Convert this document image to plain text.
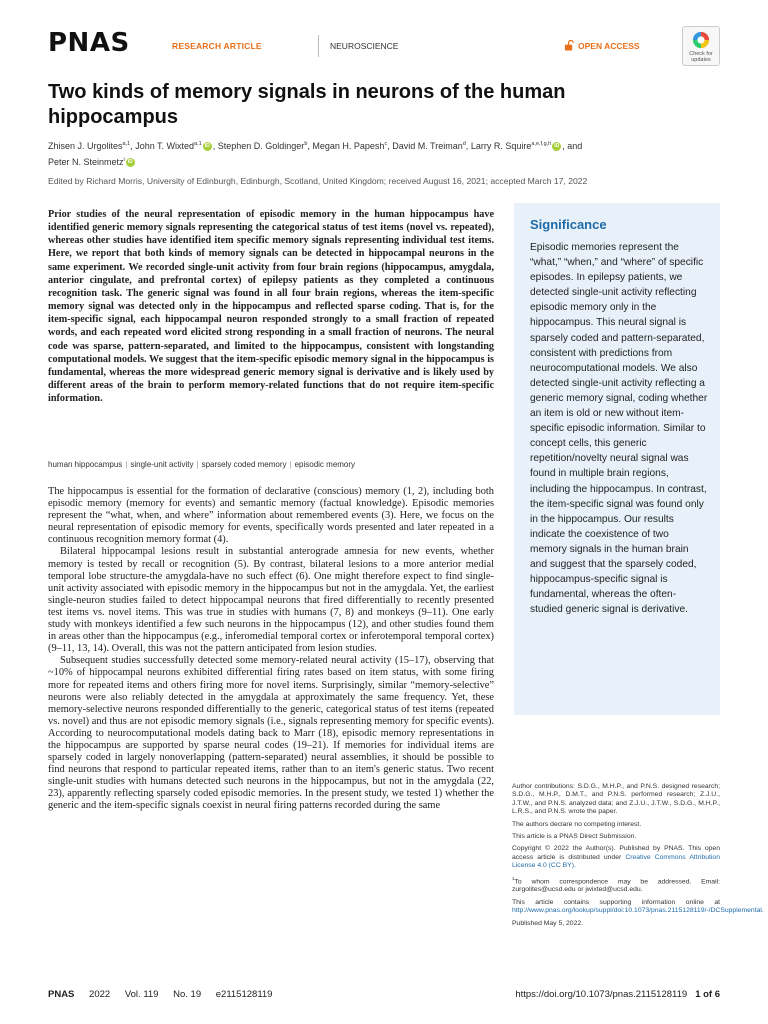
PNAS	RESEARCH ARTICLE	NEUROSCIENCE	OPEN ACCESS
Check for updates
Two kinds of memory signals in neurons of the human hippocampus
Zhisen J. Urgolites$^{a,1}$, John T. Wixted$^{a,1}$ iD , Stephen D. Goldinger$^b$, Megan H. Papesh$^c$, David M. Treiman$^d$, Larry R. Squire$^{a,e,f,g,h}$ iD , and
Peter N. Steinmetz$^i$ iD
Edited by Richard Morris, University of Edinburgh, Edinburgh, Scotland, United Kingdom; received August 16, 2021; accepted March 17, 2022
Prior studies of the neural representation of episodic memory in the human hippocampus have identified generic memory signals representing the categorical status of test items (novel vs. repeated), whereas other studies have identified item specific memory signals representing individual test items. Here, we report that both kinds of memory signals can be detected in hippocampal neurons in the same experiment. We recorded single-unit activity from four brain regions (hippocampus, amygdala, anterior cingulate, and prefrontal cortex) of epilepsy patients as they completed a continuous recognition task. The generic signal was found in all four brain regions, whereas the item-specific memory signal was detected only in the hippocampus and reflected sparse coding. That is, for the item-specific signal, each hippocampal neuron responded strongly to a small fraction of repeated words, and each repeated word elicited strong responding in a small fraction of neurons. The neural code was sparse, pattern-separated, and limited to the hippocampus, consistent with longstanding computational models. We suggest that the item-specific episodic memory signal in the hippocampus is fundamental, whereas the more widespread generic memory signal is derivative and is likely used by different areas of the brain to perform memory-related functions that do not require item-specific information.
human hippocampus | single-unit activity | sparsely coded memory | episodic memory

The hippocampus is essential for the formation of declarative (conscious) memory (1, 2), including both episodic memory (memory for events) and semantic memory (factual knowledge). Episodic memories represent the “what, when, and where” information about remembered events (3). Here, we focus on the neural representation of episodic memory for events, specifically words presented and later repeated in a continuous recognition memory format (4).

Bilateral hippocampal lesions result in substantial anterograde amnesia for new events, whether memory is tested by recall or recognition (5). By contrast, bilateral lesions to a more anterior medial temporal lobe structure-the amygdala-have no such effect (6). One might therefore expect to find single-unit activity associated with episodic memory in the hippocampus but not in the amygdala. Yet, the earliest single-neuron studies failed to detect hippocampal neurons that fired differentially to recently presented test items vs. novel items. This was true in studies with humans (7, 8) and monkeys (9–11). One early study with monkeys identified a few such neurons in the hippocampus (12), and other studies found them in areas other than the hippocampus (e.g., inferomedial temporal cortex or inferotemporal temporal cortex) (9–11, 13, 14). Overall, this was not the pattern anticipated from lesion studies.

Subsequent studies successfully detected some memory-related neural activity (15–17), observing that ~10% of hippocampal neurons exhibited differential firing rates based on item status, with some firing more for repeated items and others firing more for novel items. Surprisingly, similar “memory-selective” neurons were also reliably detected in the amygdala at approximately the same frequency. Yet, these memory-selective neurons responded differentially to the generic, categorical status of test items (repeated vs. novel) and thus are not episodic memory signals (i.e., signals representing memory for specific events). According to neurocomputational models dating back to Marr (18), episodic memory representations in the hippocampus are supported by sparse neural codes (19–21). If memories for individual items are sparsely coded in largely nonoverlapping (pattern-separated) neural assemblies, it should be possible to find neurons that respond to particular repeated items, rather than to an item's generic status. Two recent single-unit studies with humans detected such neurons in the hippocampus, but not in the amygdala (22, 23), apparently reflecting sparsely coded episodic memories. In the present study, we tested 1) whether the generic and the item-specific signals coexist in neural firing patterns recorded during the same

Significance
Episodic memories represent the “what,” “when,” and “where” of specific episodes. In epilepsy patients, we detected single-unit activity reflecting episodic memory only in the hippocampus. This neural signal is sparsely coded and pattern-separated, consistent with predictions from neurocomputational models. We also detected single-unit activity reflecting a generic memory signal, coding whether an item is old or new without item-specific episodic information. Similar to concept cells, this generic repetition/novelty neural signal was found in multiple brain regions, including the hippocampus. In contrast, the item-specific signal was found only in the hippocampus. Our results indicate the coexistence of two memory signals in the human brain and suggest that the sparsely coded, hippocampus-specific signal is fundamental, whereas the often-studied generic signal is derivative.

Author contributions: S.D.G., M.H.P., and P.N.S. designed research; S.D.G., M.H.P., D.M.T., and P.N.S. performed research; Z.J.U., J.T.W., and P.N.S. analyzed data; and Z.J.U., J.T.W., S.D.G., M.H.P., L.R.S., and P.N.S. wrote the paper.

The authors declare no competing interest.

This article is a PNAS Direct Submission.

Copyright © 2022 the Author(s). Published by PNAS. This open access article is distributed under Creative Commons Attribution License 4.0 (CC BY).

$^1$To whom correspondence may be addressed. Email: zurgolites@ucsd.edu or jwixted@ucsd.edu.

This article contains supporting information online at http://www.pnas.org/lookup/suppl/doi:10.1073/pnas.2115128119/-/DCSupplemental.

Published May 5, 2022.

PNAS 2022 Vol. 119 No. 19 e2115128119	https://doi.org/10.1073/pnas.2115128119 1 of 6
